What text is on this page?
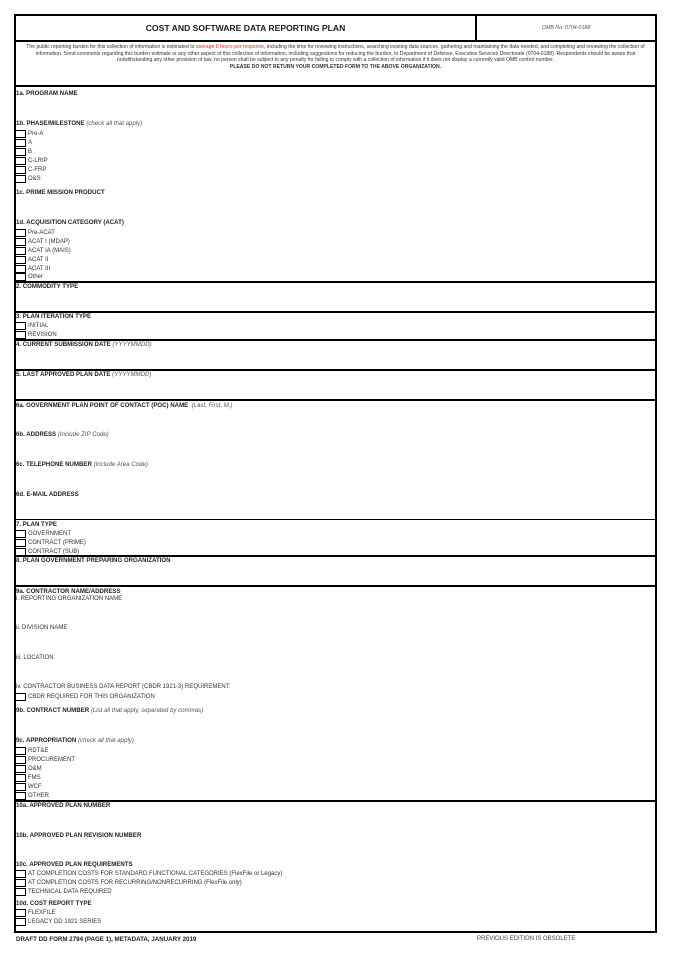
COST AND SOFTWARE DATA REPORTING PLAN	OMB No. 0704-0188
The public reporting burden for this collection of information is estimated to average 8 hours per response, including the time for reviewing instructions, searching existing data sources, gathering and maintaining the data needed, and completing and reviewing the collection of information. Send comments regarding this burden estimate or any other aspect of this collection of information, including suggestions for reducing the burden, to Department of Defense, Executive Services Directorate (0704-0188). Respondents should be aware that notwithstanding any other provision of law, no person shall be subject to any penalty for failing to comply with a collection of information if it does not display a currently valid OMB control number.
PLEASE DO NOT RETURN YOUR COMPLETED FORM TO THE ABOVE ORGANIZATION.
1a. PROGRAM NAME
1b. PHASE/MILESTONE (check all that apply)
Pre-A
A
B
C-LRIP
C-FRP
O&S
1c. PRIME MISSION PRODUCT
1d. ACQUISITION CATEGORY (ACAT)
Pre-ACAT
ACAT I (MDAP)
ACAT IA (MAIS)
ACAT II
ACAT III
Other
2. COMMODITY TYPE
3. PLAN ITERATION TYPE
INITIAL
REVISION
4. CURRENT SUBMISSION DATE (YYYYMMDD)
5. LAST APPROVED PLAN DATE (YYYYMMDD)
6a. GOVERNMENT PLAN POINT OF CONTACT (POC) NAME (Last, First, M.)
6b. ADDRESS (Include ZIP Code)
6c. TELEPHONE NUMBER (Include Area Code)
6d. E-MAIL ADDRESS
7. PLAN TYPE
GOVERNMENT
CONTRACT (PRIME)
CONTRACT (SUB)
8. PLAN GOVERNMENT PREPARING ORGANIZATION
9a. CONTRACTOR NAME/ADDRESS
i. REPORTING ORGANIZATION NAME
ii. DIVISION NAME
iii. LOCATION
iv. CONTRACTOR BUSINESS DATA REPORT (CBDR 1921-3) REQUIREMENT:
CBDR REQUIRED FOR THIS ORGANIZATION
9b. CONTRACT NUMBER (List all that apply, separated by commas)
9c. APPROPRIATION (check all that apply)
RDT&E
PROCUREMENT
O&M
FMS
WCF
OTHER
10a. APPROVED PLAN NUMBER
10b. APPROVED PLAN REVISION NUMBER
10c. APPROVED PLAN REQUIREMENTS
AT COMPLETION COSTS FOR STANDARD FUNCTIONAL CATEGORIES (FlexFile or Legacy)
AT COMPLETION COSTS FOR RECURRING/NONRECURRING (FlexFile only)
TECHNICAL DATA REQUIRED
10d. COST REPORT TYPE
FLEXFILE
LEGACY DD 1921 SERIES
DRAFT DD FORM 2794 (PAGE 1), METADATA, JANUARY 2019	PREVIOUS EDITION IS OBSOLETE
